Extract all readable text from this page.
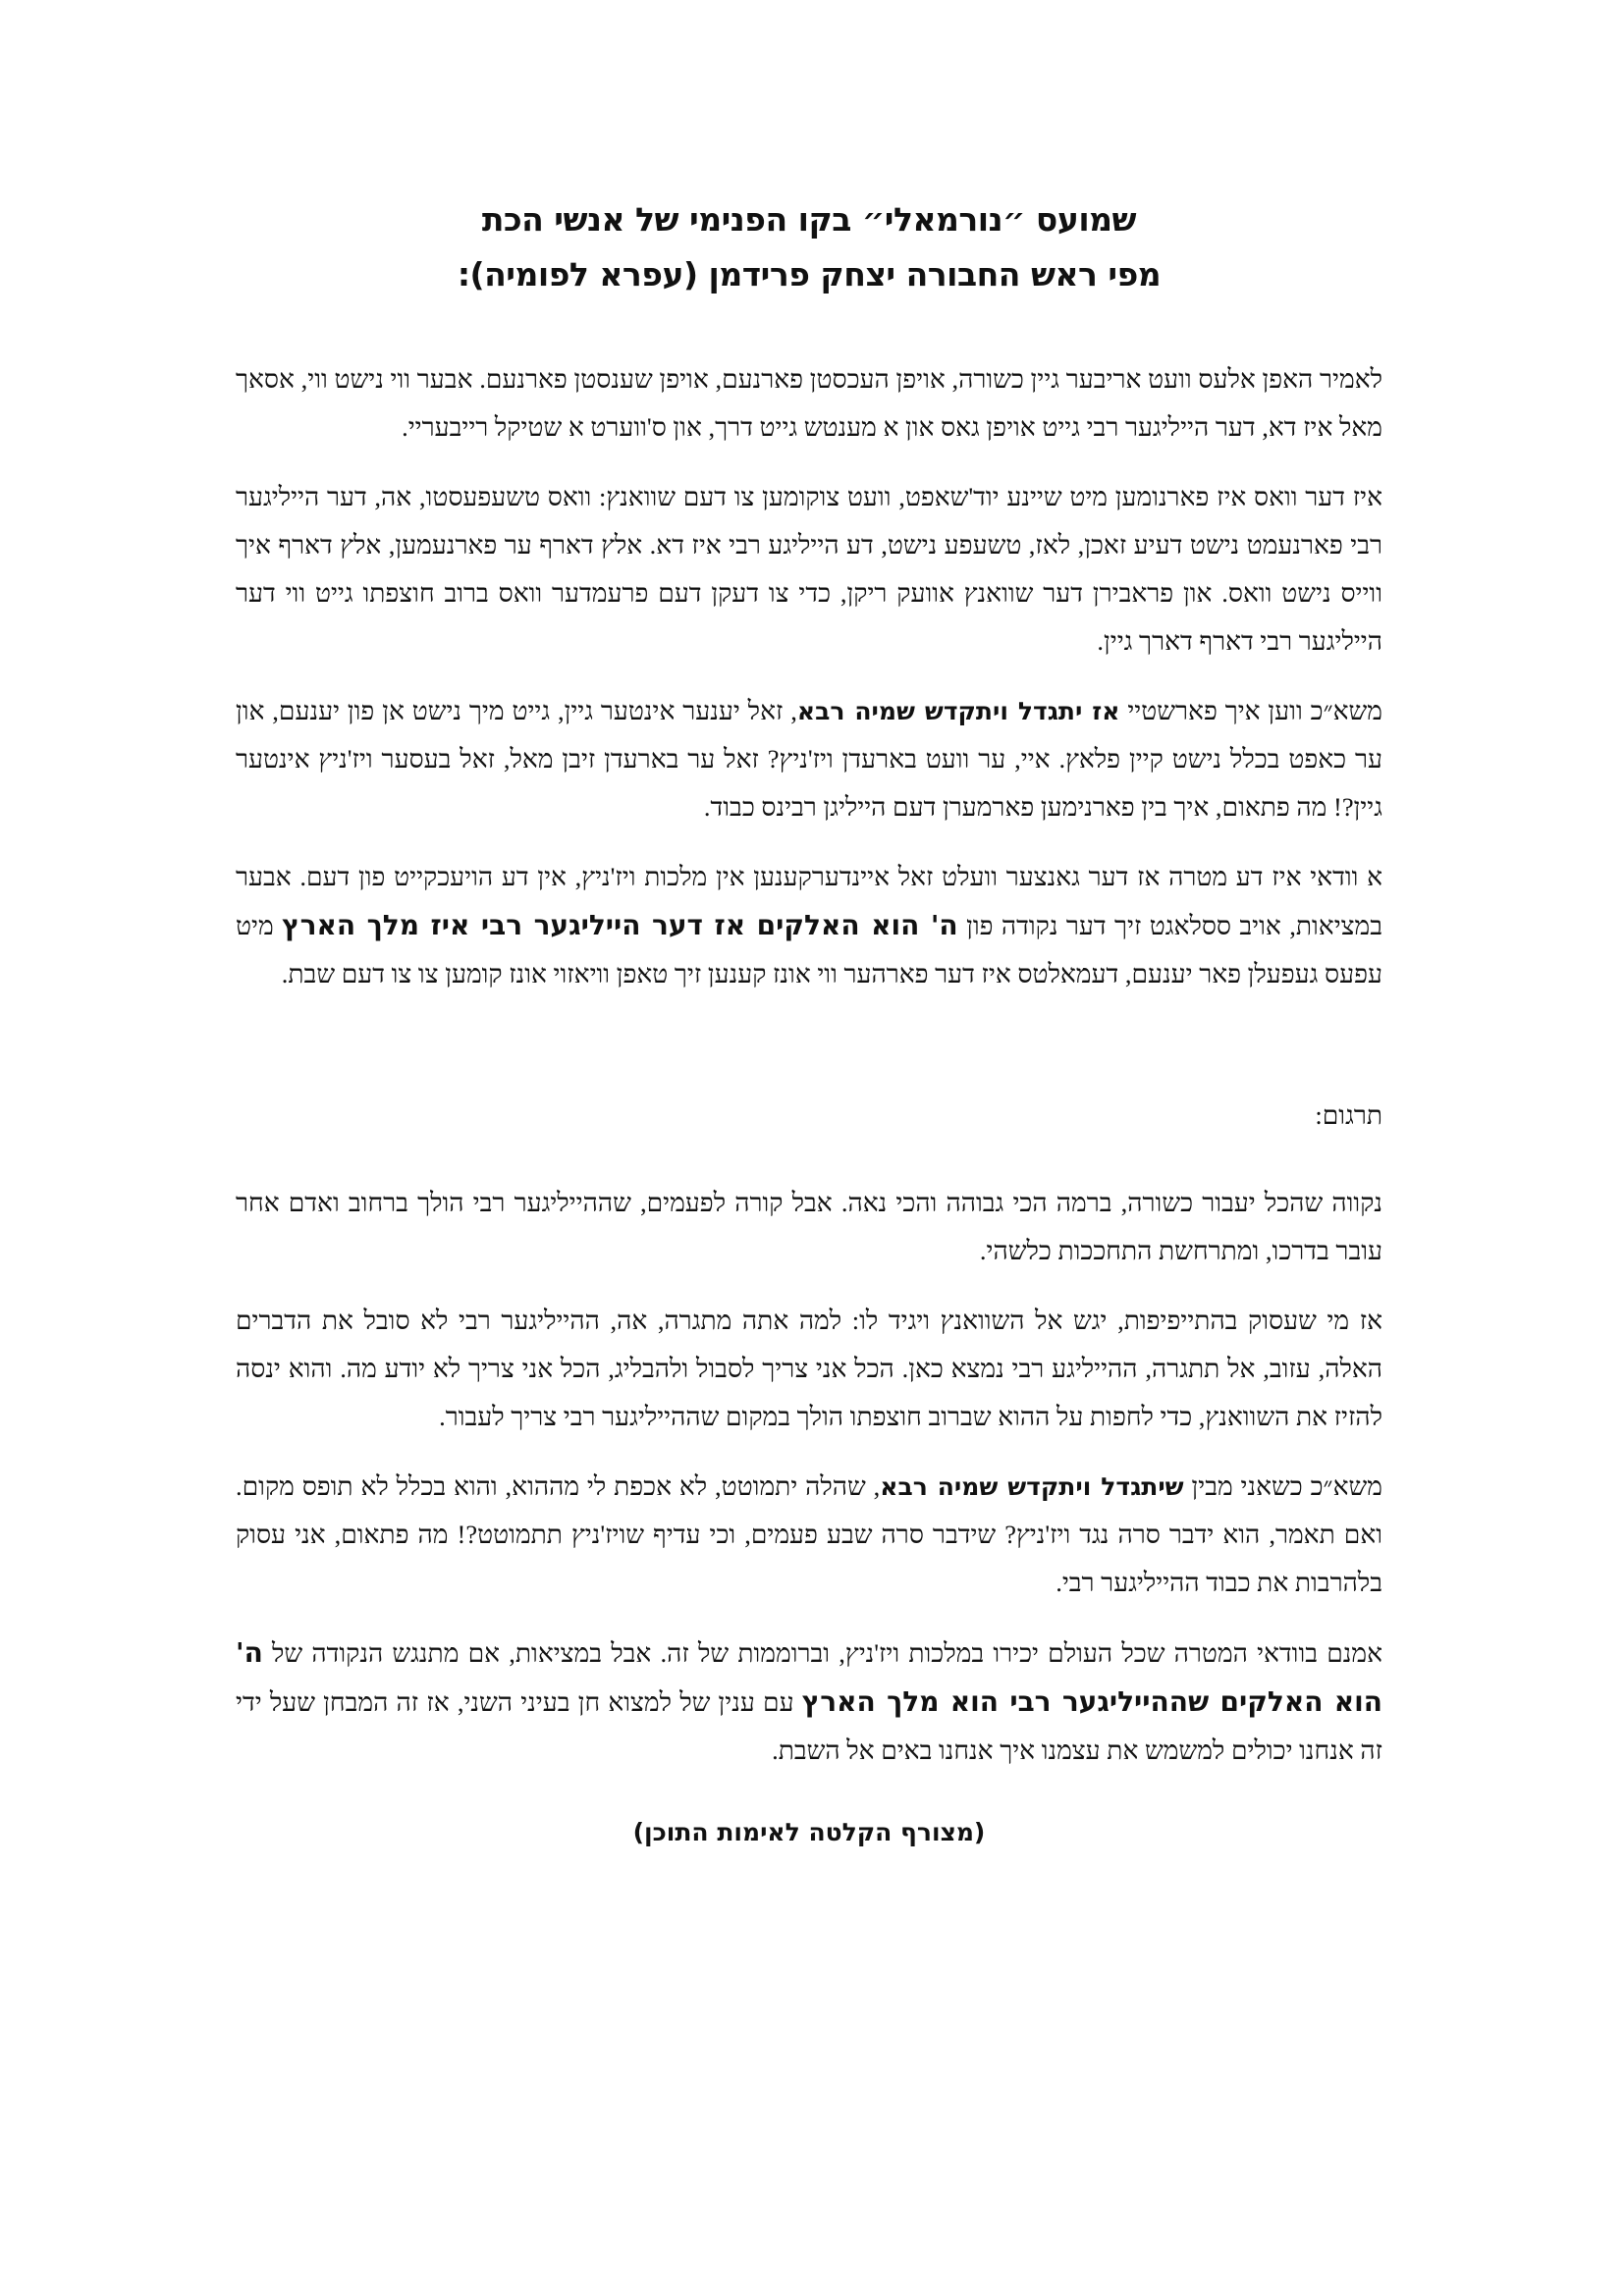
שמועס ״נורמאלי״ בקו הפנימי של אנשי הכת
מפי ראש החבורה יצחק פרידמן (עפרא לפומיה):

לאמיר האפן אלעס וועט אריבער גיין כשורה, אויפן העכסטן פארנעם, אויפן שענסטן פארנעם. אבער ווי נישט ווי, אסאך מאל איז דא, דער הייליגער רבי גייט אויפן גאס און א מענטש גייט דרך, און ס'ווערט א שטיקל רייבעריי.

איז דער וואס איז פארנומען מיט שיינע יוד'שאפט, וועט צוקומען צו דעם שוואנץ: וואס טשעפעסטו, אה, דער הייליגער רבי פארנעמט נישט דעיע זאכן, לאז, טשעפע נישט, דע הייליגע רבי איז דא. אלץ דארף ער פארנעמען, אלץ דארף איך ווייס נישט וואס. און פראבירן דער שוואנץ אוועק ריקן, כדי צו דעקן דעם פרעמדער וואס ברוב חוצפתו גייט ווי דער הייליגער רבי דארף דארך גיין.

משא״כ ווען איך פארשטיי אז יתגדל ויתקדש שמיה רבא, זאל יענער אינטער גיין, גייט מיך נישט אן פון יענעם, און ער כאפט בכלל נישט קיין פלאץ. איי, ער וועט בארעדן ויז'ניץ? זאל ער בארעדן זיבן מאל, זאל בעסער ויז'ניץ אינטער גיין?! מה פתאום, איך בין פארנימען פארמערן דעם הייליגן רבינס כבוד.

א וודאי איז דע מטרה אז דער גאנצער וועלט זאל איינדערקענען אין מלכות ויז'ניץ, אין דע הויעכקייט פון דעם. אבער במציאות, אויב ססלאגט זיך דער נקודה פון ה' הוא האלקים אז דער הייליגער רבי איז מלך הארץ מיט עפעס געפעלן פאר יענעם, דעמאלטס איז דער פארהער ווי אונז קענען זיך טאפן וויאזוי אונז קומען צו צו דעם שבת.

תרגום:

נקווה שהכל יעבור כשורה, ברמה הכי גבוהה והכי נאה. אבל קורה לפעמים, שההייליגער רבי הולך ברחוב ואדם אחר עובר בדרכו, ומתרחשת התחככות כלשהי.

אז מי שעסוק בהתייפיפות, יגש אל השוואנץ ויגיד לו: למה אתה מתגרה, אה, ההייליגער רבי לא סובל את הדברים האלה, עזוב, אל תתגרה, ההייליגע רבי נמצא כאן. הכל אני צריך לסבול ולהבליג, הכל אני צריך לא יודע מה. והוא ינסה להזיז את השוואנץ, כדי לחפות על ההוא שברוב חוצפתו הולך במקום שההייליגער רבי צריך לעבור.

משא״כ כשאני מבין שיתגדל ויתקדש שמיה רבא, שהלה יתמוטט, לא אכפת לי מההוא, והוא בכלל לא תופס מקום. ואם תאמר, הוא ידבר סרה נגד ויז'ניץ? שידבר סרה שבע פעמים, וכי עדיף שויז'ניץ תתמוטט?! מה פתאום, אני עסוק בלהרבות את כבוד ההייליגער רבי.

אמנם בוודאי המטרה שכל העולם יכירו במלכות ויז'ניץ, וברוממות של זה. אבל במציאות, אם מתנגש הנקודה של ה' הוא האלקים שההייליגער רבי הוא מלך הארץ עם ענין של למצוא חן בעיני השני, אז זה המבחן שעל ידי זה אנחנו יכולים למשמש את עצמנו איך אנחנו באים אל השבת.

(מצורף הקלטה לאימות התוכן)
